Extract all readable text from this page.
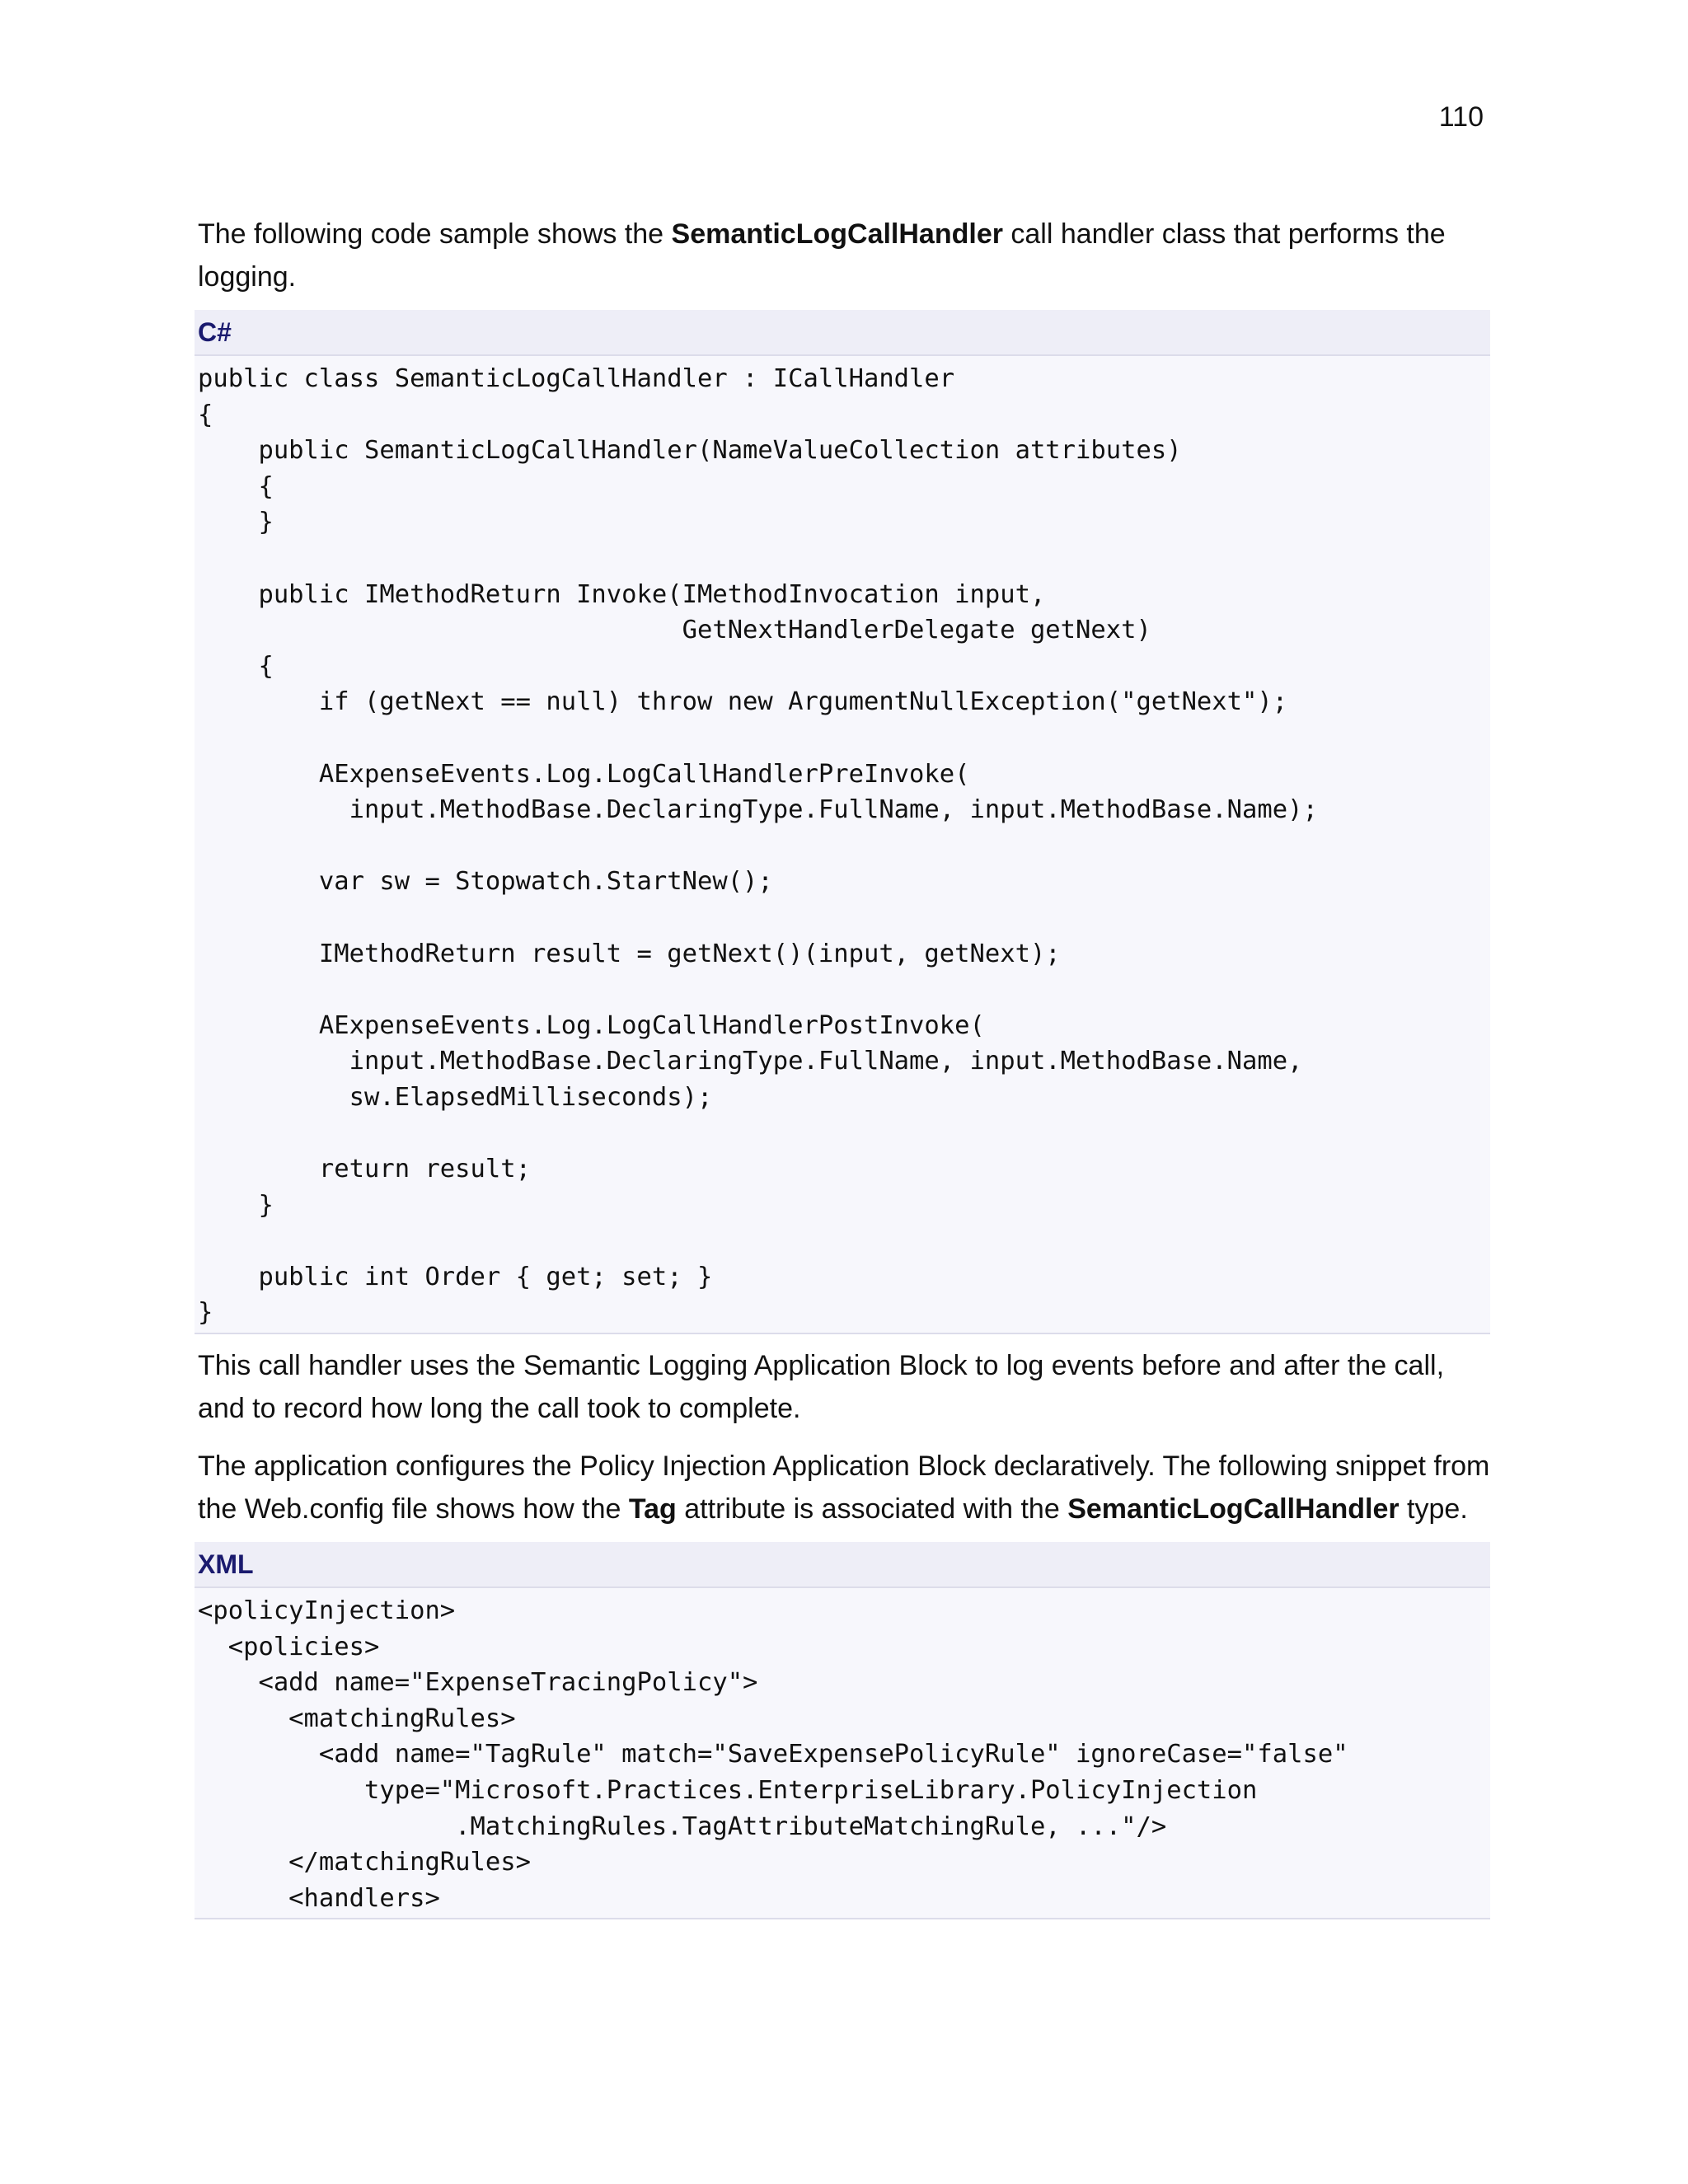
110

The following code sample shows the SemanticLogCallHandler call handler class that performs the logging.

C#
public class SemanticLogCallHandler : ICallHandler
{
public SemanticLogCallHandler(NameValueCollection attributes)
{
}
public IMethodReturn Invoke(IMethodInvocation input,
GetNextHandlerDelegate getNext)
{
if (getNext == null) throw new ArgumentNullException("getNext");
AExpenseEvents.Log.LogCallHandlerPreInvoke(
input.MethodBase.DeclaringType.FullName, input.MethodBase.Name);
var sw = Stopwatch.StartNew();
IMethodReturn result = getNext()(input, getNext);
AExpenseEvents.Log.LogCallHandlerPostInvoke(
input.MethodBase.DeclaringType.FullName, input.MethodBase.Name,
sw.ElapsedMilliseconds);
return result;
}
public int Order { get; set; }
}

This call handler uses the Semantic Logging Application Block to log events before and after the call, and to record how long the call took to complete.

The application configures the Policy Injection Application Block declaratively. The following snippet from the Web.config file shows how the Tag attribute is associated with the SemanticLogCallHandler type.

XML
<policyInjection>
<policies>
<add name="ExpenseTracingPolicy">
<matchingRules>
<add name="TagRule" match="SaveExpensePolicyRule" ignoreCase="false"
type="Microsoft.Practices.EnterpriseLibrary.PolicyInjection
.MatchingRules.TagAttributeMatchingRule, ..."/>
</matchingRules>
<handlers>
